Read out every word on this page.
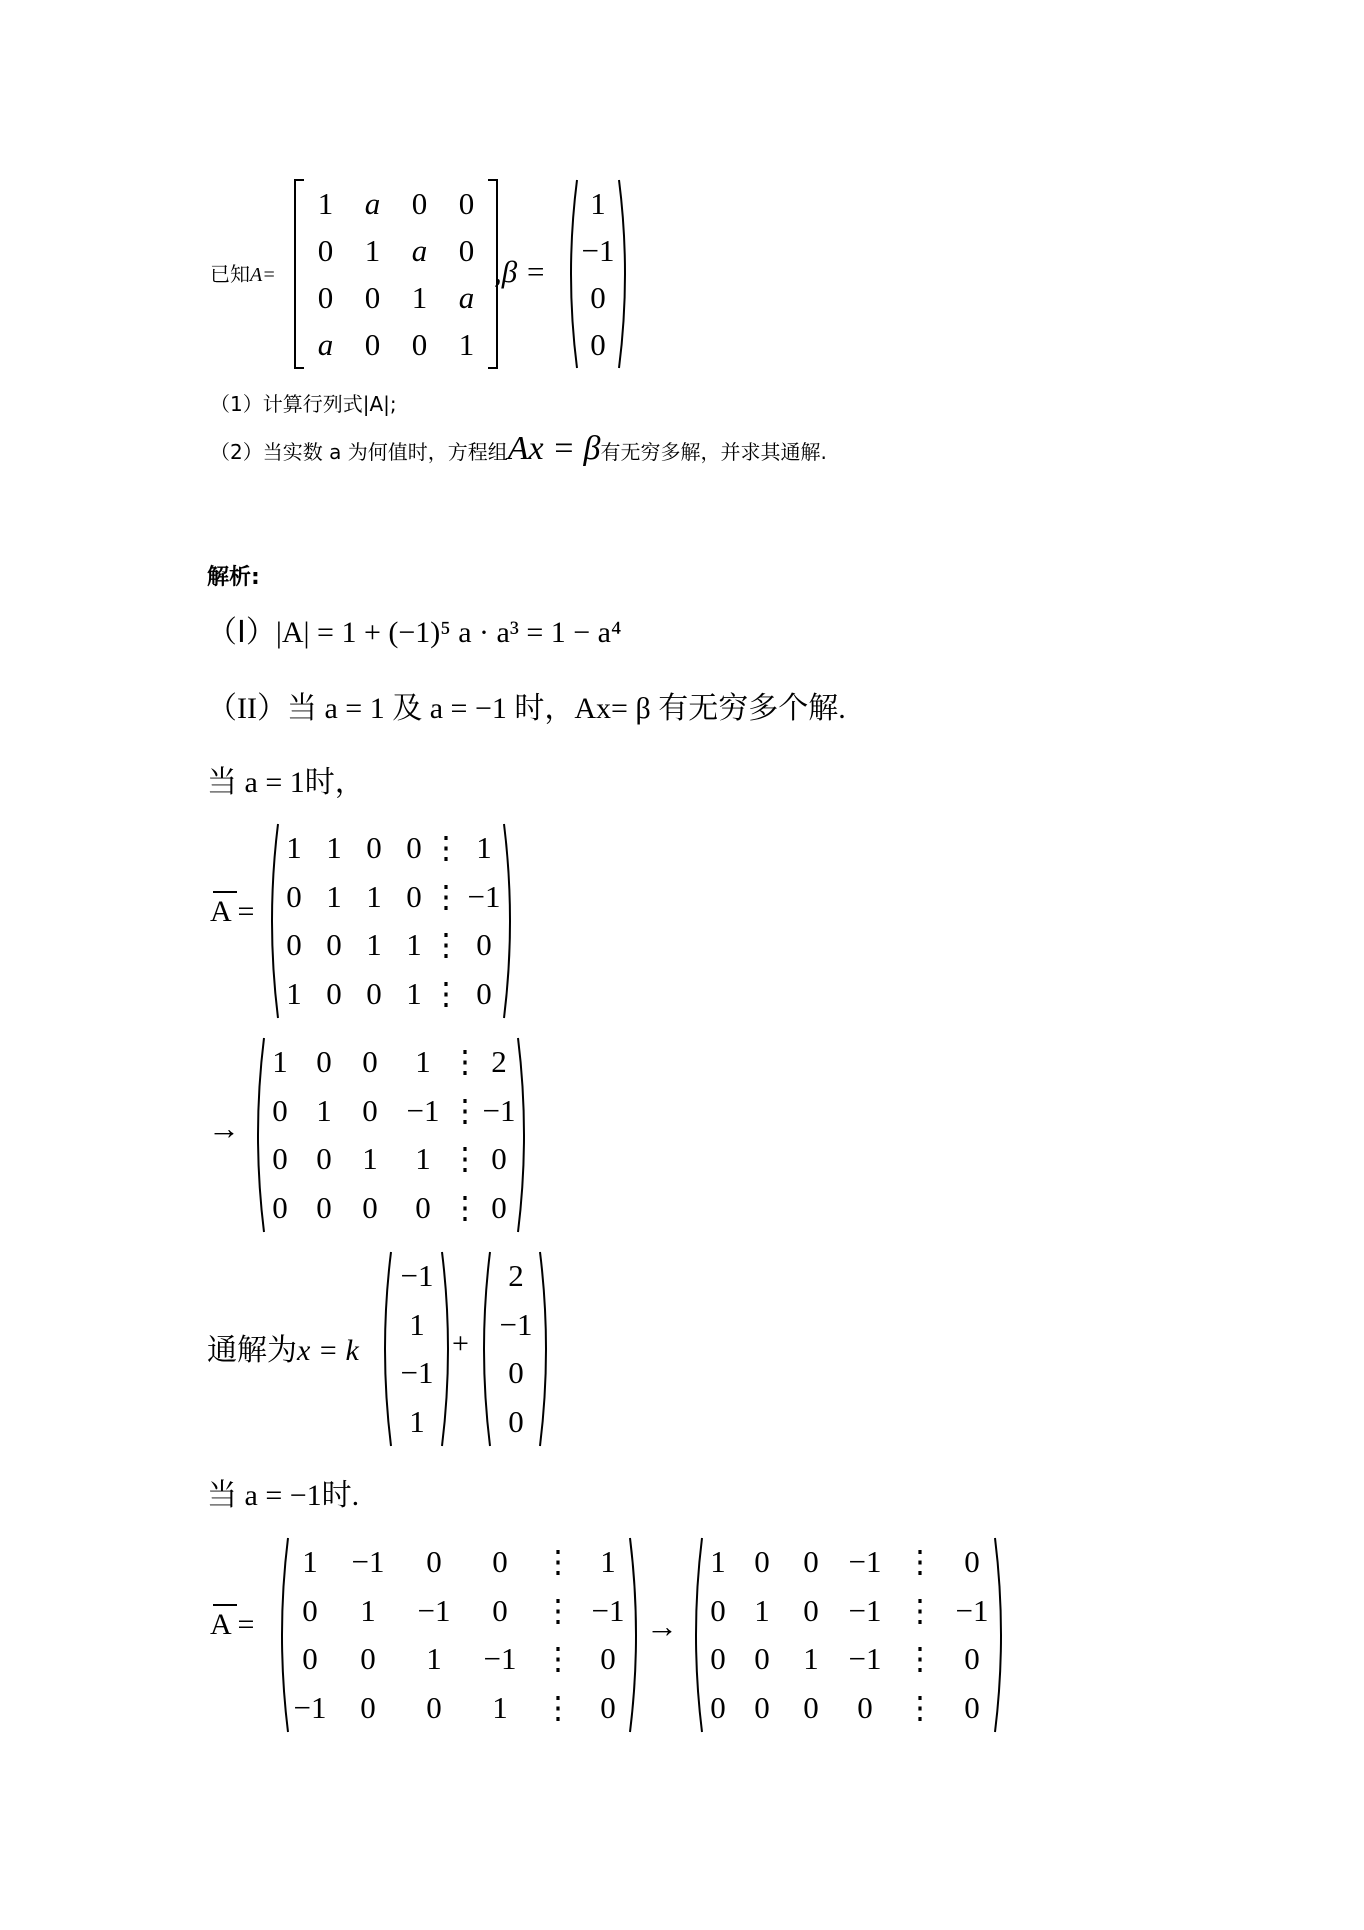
已知A=
1 a 0 0
0 1 a 0
0 0 1 a
a 0 0 1
,β =
1
−1
0
0
（1）计算行列式|A|;
（2）当实数 a 为何值时，方程组Ax = β有无穷多解，并求其通解.
解析:
（I）|A| = 1 + (−1)⁵ a · a³ = 1 − a⁴
（II）当 a = 1 及 a = −1 时，Ax= β 有无穷多个解.
当 a = 1时，
A =
1 1 0 0 ⋮ 1
0 1 1 0 ⋮ −1
0 0 1 1 ⋮ 0
1 0 0 1 ⋮ 0
→
1 0 0 1 ⋮ 2
0 1 0 −1 ⋮ −1
0 0 1 1 ⋮ 0
0 0 0 0 ⋮ 0
通解为x = k
−1
1
−1
1
+
2
−1
0
0
当 a = −1时.
A =
1 −1 0 0 ⋮ 1
0 1 −1 0 ⋮ −1
0 0 1 −1 ⋮ 0
−1 0 0 1 ⋮ 0
→
1 0 0 −1 ⋮ 0
0 1 0 −1 ⋮ −1
0 0 1 −1 ⋮ 0
0 0 0 0 ⋮ 0
